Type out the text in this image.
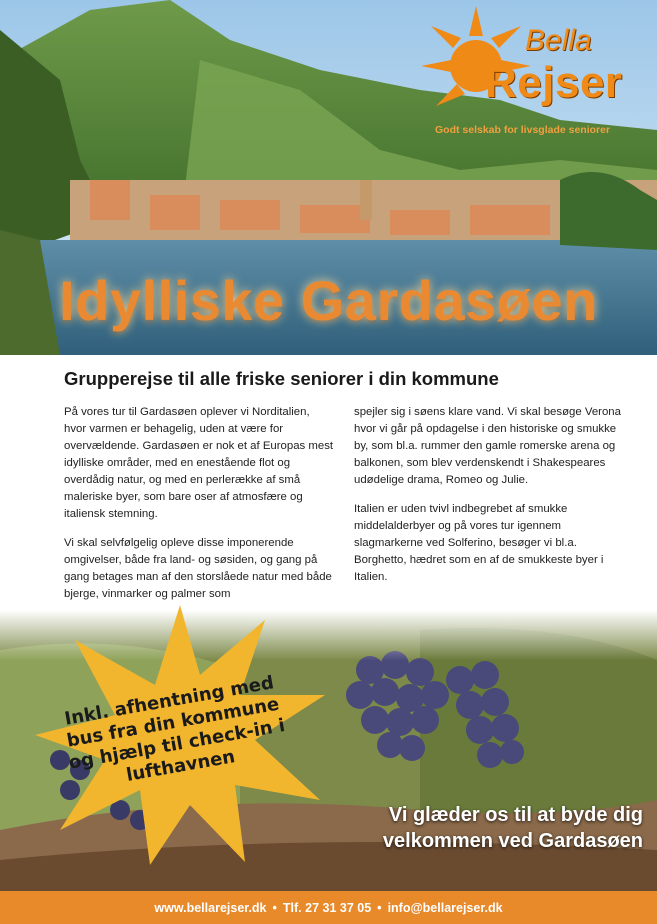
Bella
Rejser
Godt selskab for livsglade seniorer
Idylliske Gardasøen
Grupperejse til alle friske seniorer i din kommune

På vores tur til Gardasøen oplever vi Norditalien, hvor varmen er behagelig, uden at være for overvældende. Gardasøen er nok et af Europas mest idylliske områder, med en enestående flot og overdådig natur, og med en perlerække af små maleriske byer, som bare oser af atmosfære og italiensk stemning.

Vi skal selvfølgelig opleve disse imponerende omgivelser, både fra land- og søsiden, og gang på gang betages man af den storslåede natur med både bjerge, vinmarker og palmer som

spejler sig i søens klare vand. Vi skal besøge Verona hvor vi går på opdagelse i den historiske og smukke by, som bl.a. rummer den gamle romerske arena og balkonen, som blev verdenskendt i Shakespeares udødelige drama, Romeo og Julie.

Italien er uden tvivl indbegrebet af smukke middelalderbyer og på vores tur igennem slagmarkerne ved Solferino, besøger vi bl.a. Borghetto, hædret som en af de smukkeste byer i Italien.

Inkl. afhentning med bus fra din kommune og hjælp til check-in i lufthavnen
Vi glæder os til at byde dig velkommen ved Gardasøen
www.bellarejser.dk • Tlf. 27 31 37 05 • info@bellarejser.dk
